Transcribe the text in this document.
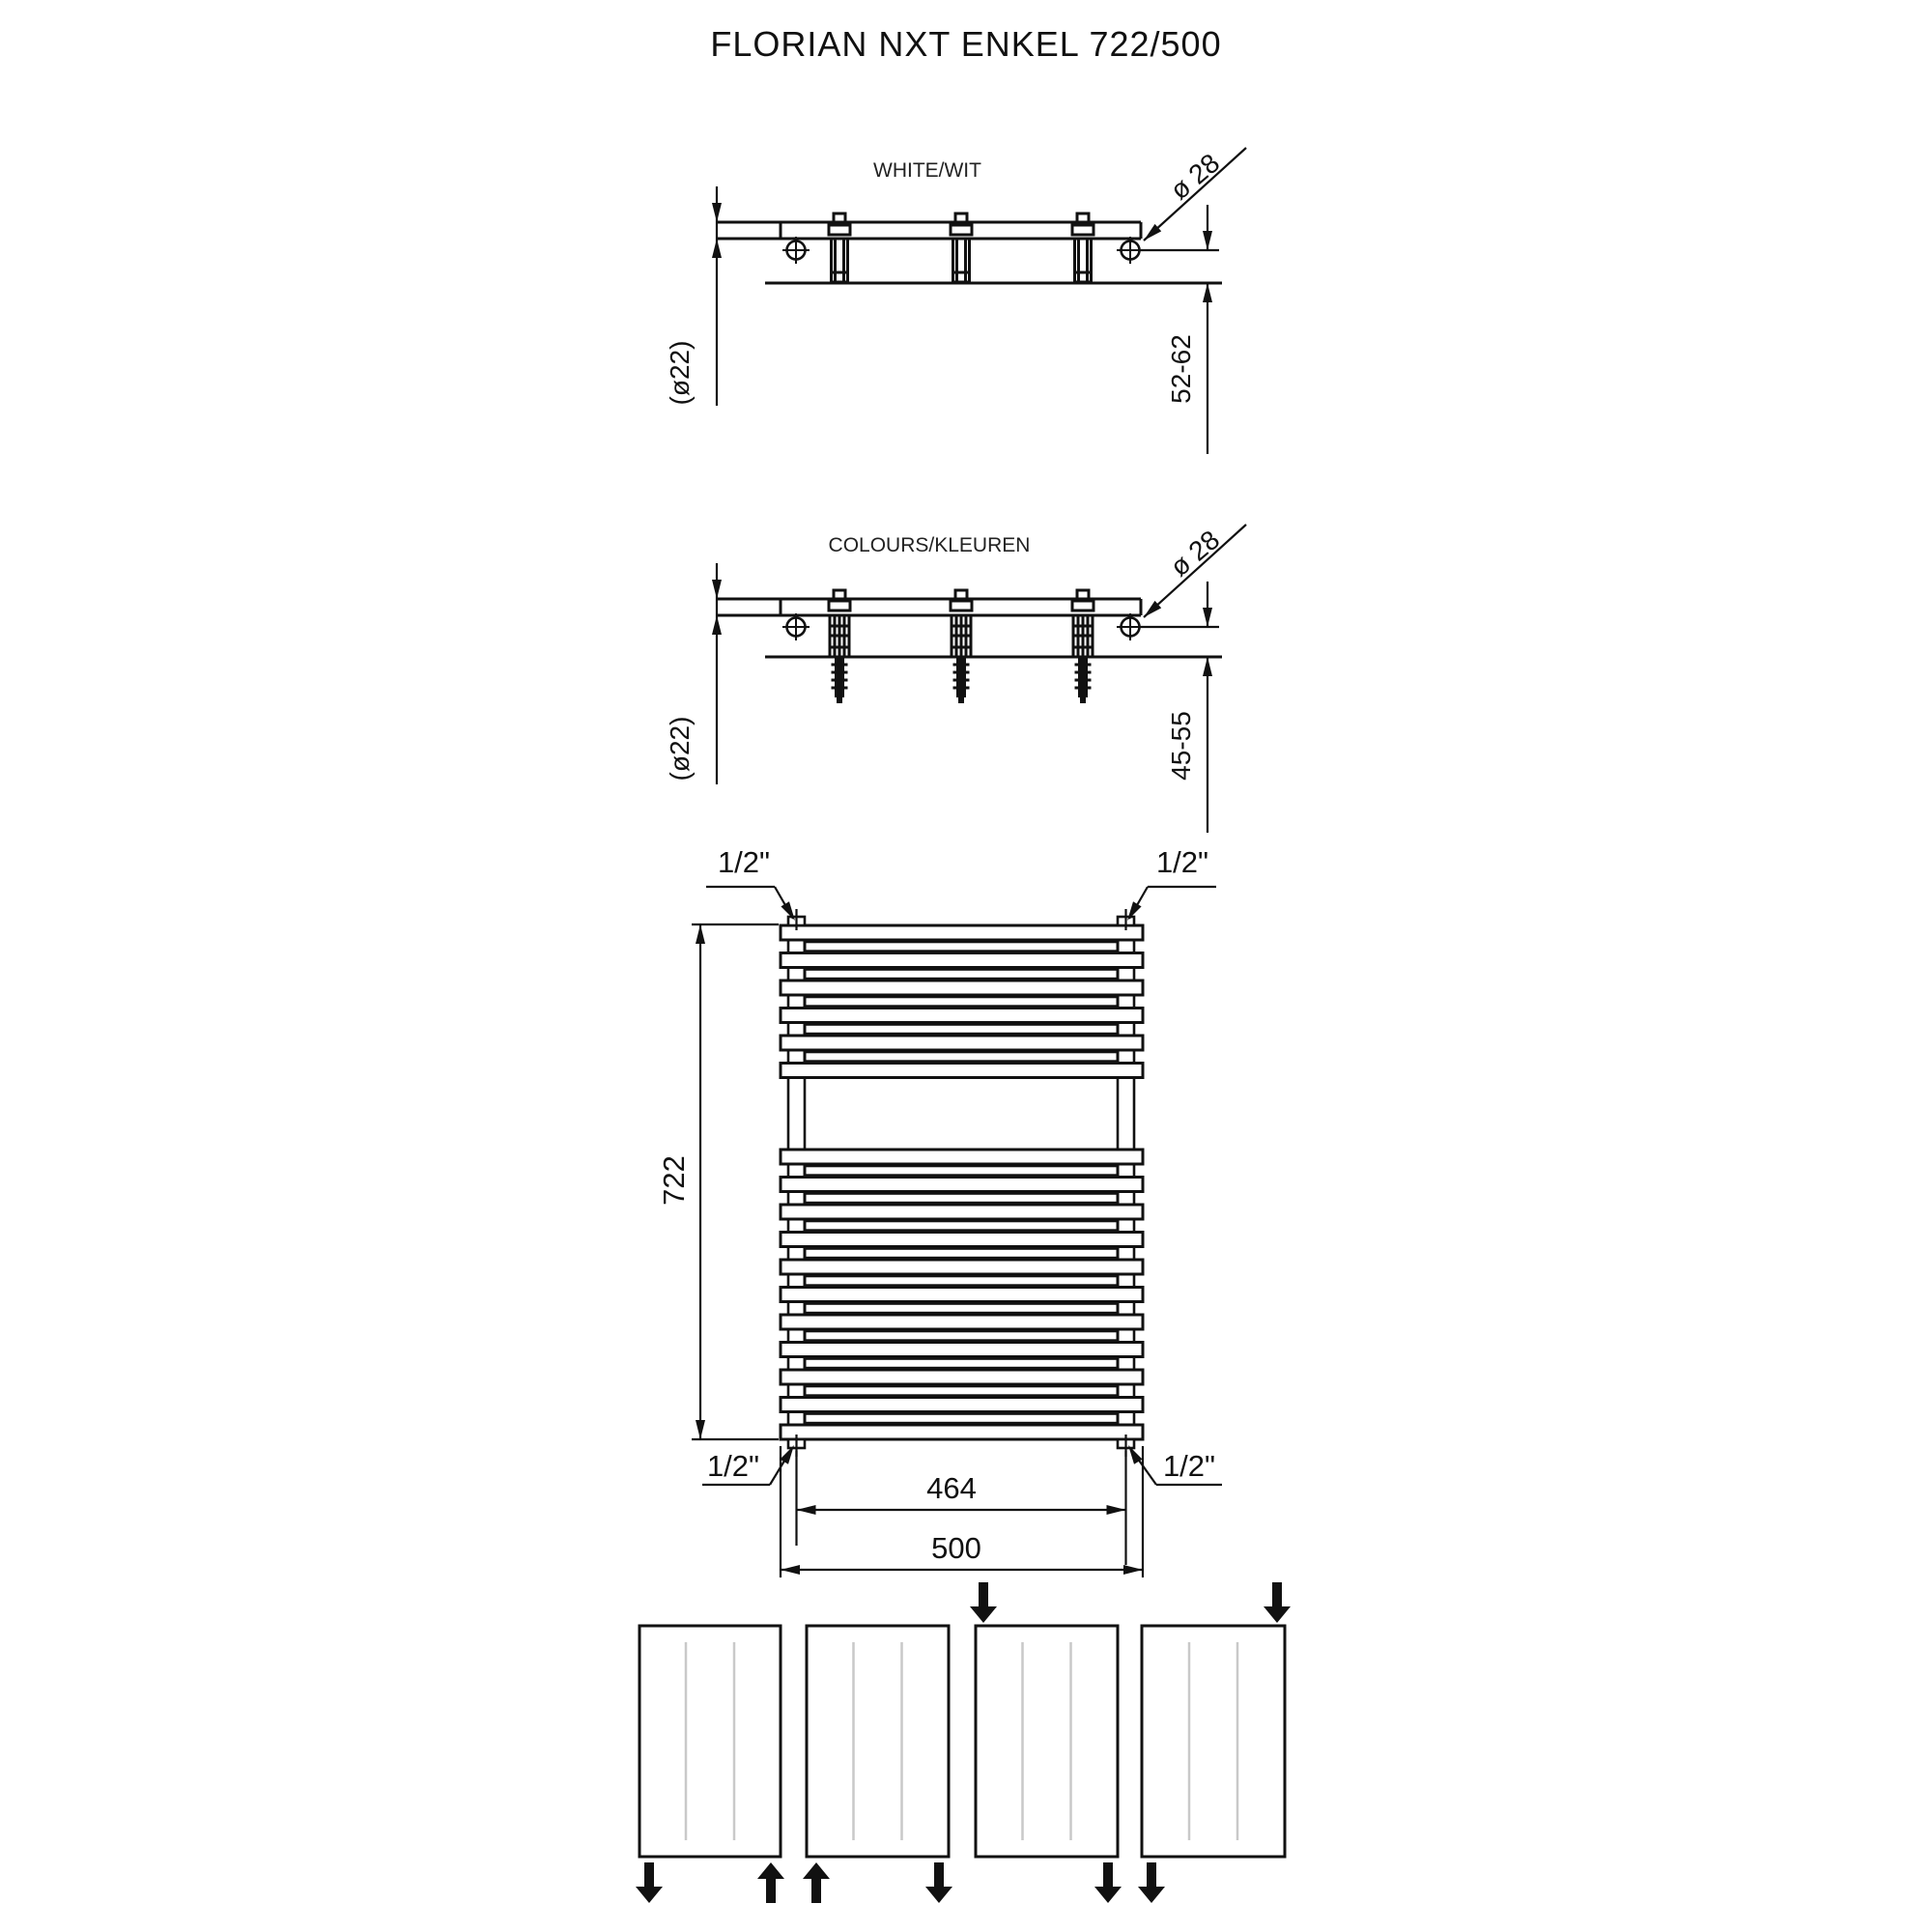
FLORIAN NXT ENKEL 722/500
WHITE/WIT
(ø22)
ø 28
52-62
COLOURS/KLEUREN
(ø22)
ø 28
45-55
1/2"	1/2"
1/2"	1/2"
722
464
500
